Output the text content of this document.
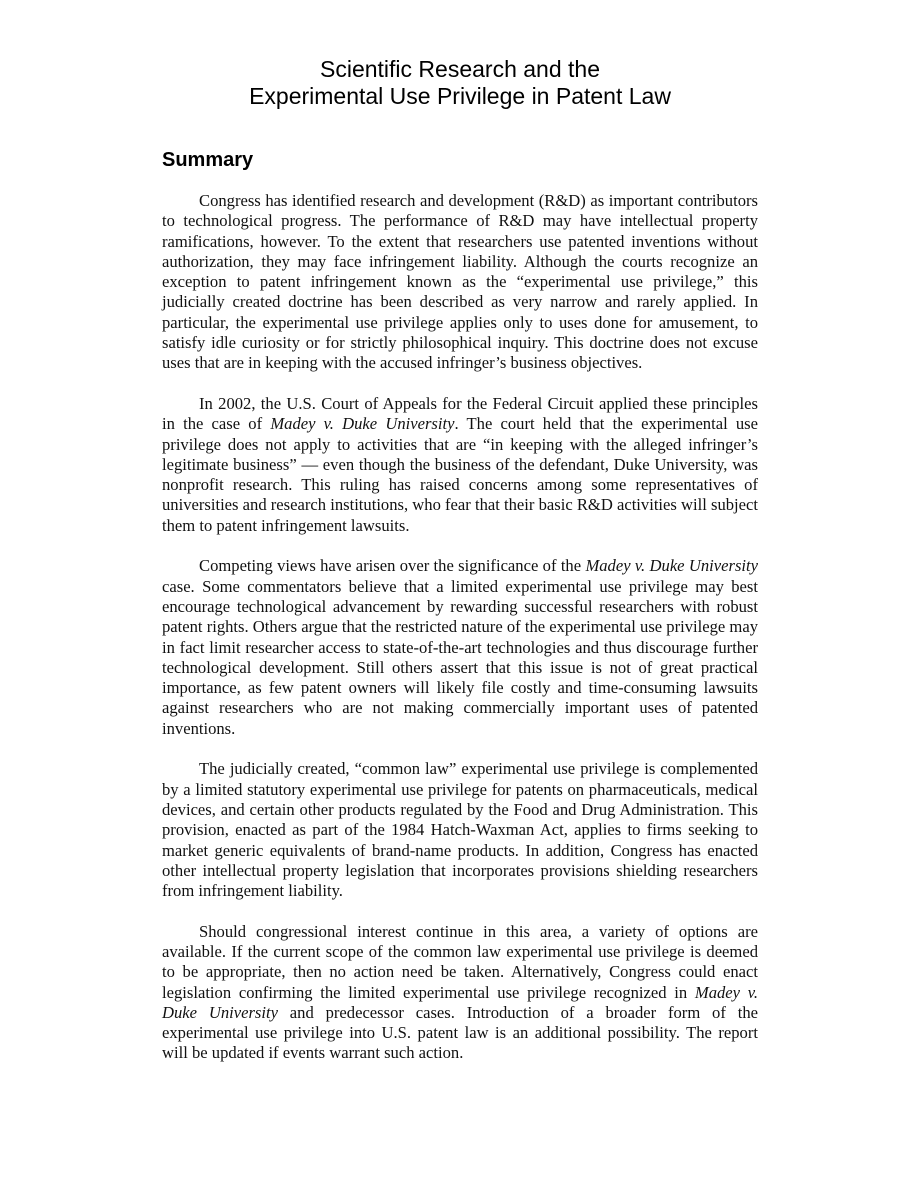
Scientific Research and the
Experimental Use Privilege in Patent Law
Summary

Congress has identified research and development (R&D) as important contributors to technological progress. The performance of R&D may have intellectual property ramifications, however. To the extent that researchers use patented inventions without authorization, they may face infringement liability. Although the courts recognize an exception to patent infringement known as the “experimental use privilege,” this judicially created doctrine has been described as very narrow and rarely applied. In particular, the experimental use privilege applies only to uses done for amusement, to satisfy idle curiosity or for strictly philosophical inquiry. This doctrine does not excuse uses that are in keeping with the accused infringer’s business objectives.

In 2002, the U.S. Court of Appeals for the Federal Circuit applied these principles in the case of Madey v. Duke University. The court held that the experimental use privilege does not apply to activities that are “in keeping with the alleged infringer’s legitimate business” — even though the business of the defendant, Duke University, was nonprofit research. This ruling has raised concerns among some representatives of universities and research institutions, who fear that their basic R&D activities will subject them to patent infringement lawsuits.

Competing views have arisen over the significance of the Madey v. Duke University case. Some commentators believe that a limited experimental use privilege may best encourage technological advancement by rewarding successful researchers with robust patent rights. Others argue that the restricted nature of the experimental use privilege may in fact limit researcher access to state-of-the-art technologies and thus discourage further technological development. Still others assert that this issue is not of great practical importance, as few patent owners will likely file costly and time-consuming lawsuits against researchers who are not making commercially important uses of patented inventions.

The judicially created, “common law” experimental use privilege is complemented by a limited statutory experimental use privilege for patents on pharmaceuticals, medical devices, and certain other products regulated by the Food and Drug Administration. This provision, enacted as part of the 1984 Hatch-Waxman Act, applies to firms seeking to market generic equivalents of brand-name products. In addition, Congress has enacted other intellectual property legislation that incorporates provisions shielding researchers from infringement liability.

Should congressional interest continue in this area, a variety of options are available. If the current scope of the common law experimental use privilege is deemed to be appropriate, then no action need be taken. Alternatively, Congress could enact legislation confirming the limited experimental use privilege recognized in Madey v. Duke University and predecessor cases. Introduction of a broader form of the experimental use privilege into U.S. patent law is an additional possibility. The report will be updated if events warrant such action.
